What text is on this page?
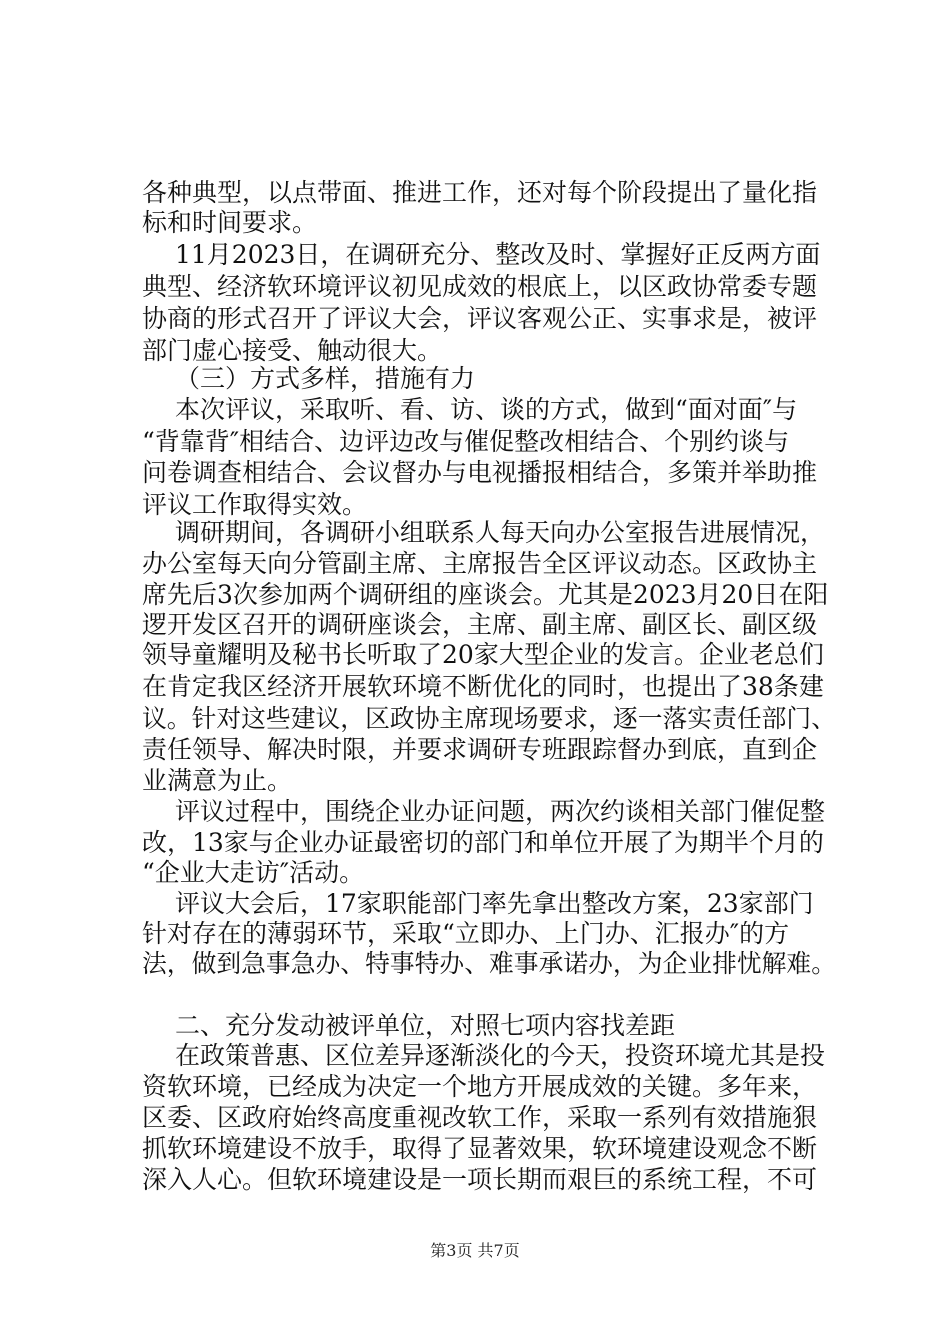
各种典型，以点带面、推进工作，还对每个阶段提出了量化指
标和时间要求。
11月2023日，在调研充分、整改及时、掌握好正反两方面
典型、经济软环境评议初见成效的根底上，以区政协常委专题
协商的形式召开了评议大会，评议客观公正、实事求是，被评
部门虚心接受、触动很大。
（三）方式多样，措施有力
本次评议，采取听、看、访、谈的方式，做到“面对面″与
“背靠背″相结合、边评边改与催促整改相结合、个别约谈与
问卷调查相结合、会议督办与电视播报相结合，多策并举助推
评议工作取得实效。
调研期间，各调研小组联系人每天向办公室报告进展情况，
办公室每天向分管副主席、主席报告全区评议动态。区政协主
席先后3次参加两个调研组的座谈会。尤其是2023月20日在阳
逻开发区召开的调研座谈会，主席、副主席、副区长、副区级
领导童耀明及秘书长听取了20家大型企业的发言。企业老总们
在肯定我区经济开展软环境不断优化的同时，也提出了38条建
议。针对这些建议，区政协主席现场要求，逐一落实责任部门、
责任领导、解决时限，并要求调研专班跟踪督办到底，直到企
业满意为止。
评议过程中，围绕企业办证问题，两次约谈相关部门催促整
改，13家与企业办证最密切的部门和单位开展了为期半个月的
“企业大走访″活动。
评议大会后，17家职能部门率先拿出整改方案，23家部门
针对存在的薄弱环节，采取“立即办、上门办、汇报办″的方
法，做到急事急办、特事特办、难事承诺办，为企业排忧解难。
二、充分发动被评单位，对照七项内容找差距
在政策普惠、区位差异逐渐淡化的今天，投资环境尤其是投
资软环境，已经成为决定一个地方开展成效的关键。多年来，
区委、区政府始终高度重视改软工作，采取一系列有效措施狠
抓软环境建设不放手，取得了显著效果，软环境建设观念不断
深入人心。但软环境建设是一项长期而艰巨的系统工程，不可
第3页 共7页
